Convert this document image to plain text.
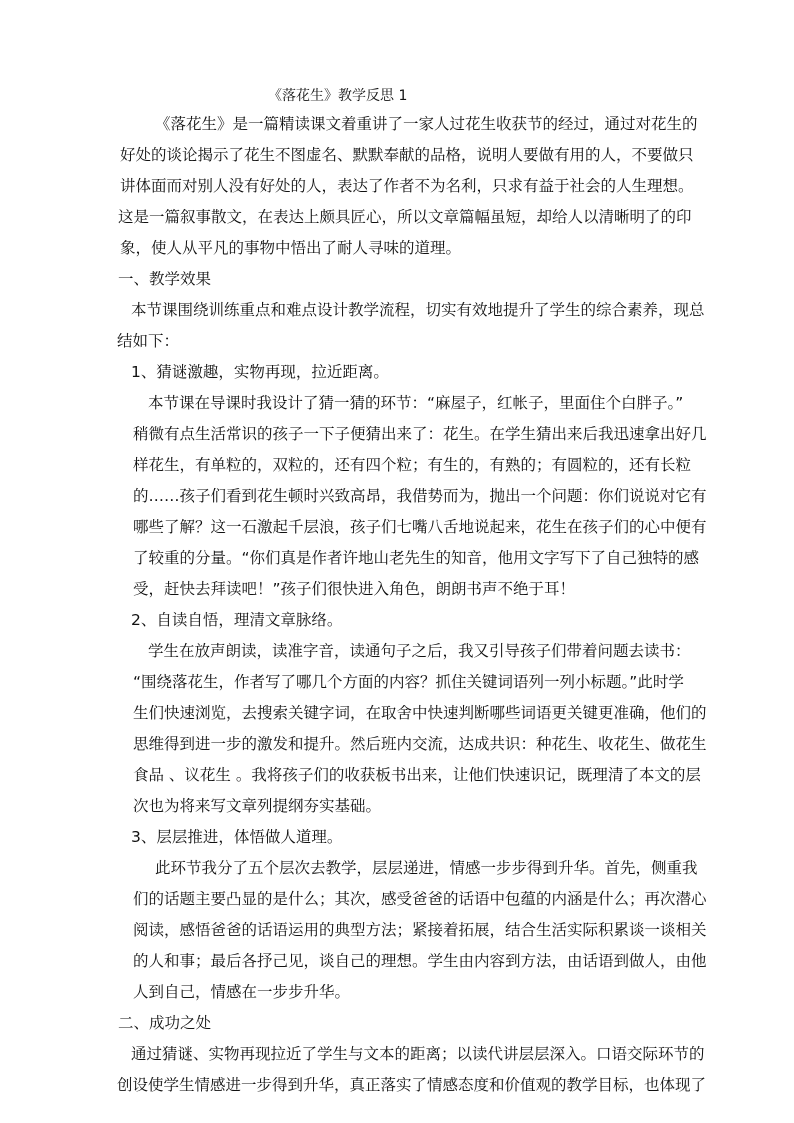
《落花生》教学反思 1
《落花生》是一篇精读课文着重讲了一家人过花生收获节的经过，通过对花生的
好处的谈论揭示了花生不图虚名、默默奉献的品格，说明人要做有用的人，不要做只
讲体面而对别人没有好处的人，表达了作者不为名利，只求有益于社会的人生理想。
这是一篇叙事散文，在表达上颇具匠心，所以文章篇幅虽短，却给人以清晰明了的印
象，使人从平凡的事物中悟出了耐人寻味的道理。
一、教学效果
本节课围绕训练重点和难点设计教学流程，切实有效地提升了学生的综合素养，现总
结如下：
1、猜谜激趣，实物再现，拉近距离。
本节课在导课时我设计了猜一猜的环节：“麻屋子，红帐子，里面住个白胖子。”
稍微有点生活常识的孩子一下子便猜出来了：花生。在学生猜出来后我迅速拿出好几
样花生，有单粒的，双粒的，还有四个粒；有生的，有熟的；有圆粒的，还有长粒
的……孩子们看到花生顿时兴致高昂，我借势而为，抛出一个问题：你们说说对它有
哪些了解？这一石激起千层浪，孩子们七嘴八舌地说起来，花生在孩子们的心中便有
了较重的分量。“你们真是作者许地山老先生的知音，他用文字写下了自己独特的感
受，赶快去拜读吧！”孩子们很快进入角色，朗朗书声不绝于耳！
2、自读自悟，理清文章脉络。
学生在放声朗读，读准字音，读通句子之后，我又引导孩子们带着问题去读书：
“围绕落花生，作者写了哪几个方面的内容？抓住关键词语列一列小标题。”此时学
生们快速浏览，去搜索关键字词，在取舍中快速判断哪些词语更关键更准确，他们的
思维得到进一步的激发和提升。然后班内交流，达成共识：种花生、收花生、做花生
食品 、议花生 。我将孩子们的收获板书出来，让他们快速识记，既理清了本文的层
次也为将来写文章列提纲夯实基础。
3、层层推进，体悟做人道理。
此环节我分了五个层次去教学，层层递进，情感一步步得到升华。首先，侧重我
们的话题主要凸显的是什么；其次，感受爸爸的话语中包蕴的内涵是什么；再次潜心
阅读，感悟爸爸的话语运用的典型方法；紧接着拓展，结合生活实际积累谈一谈相关
的人和事；最后各抒己见，谈自己的理想。学生由内容到方法，由话语到做人，由他
人到自己，情感在一步步升华。
二、成功之处
通过猜谜、实物再现拉近了学生与文本的距离；以读代讲层层深入。口语交际环节的
创设使学生情感进一步得到升华，真正落实了情感态度和价值观的教学目标，也体现了
